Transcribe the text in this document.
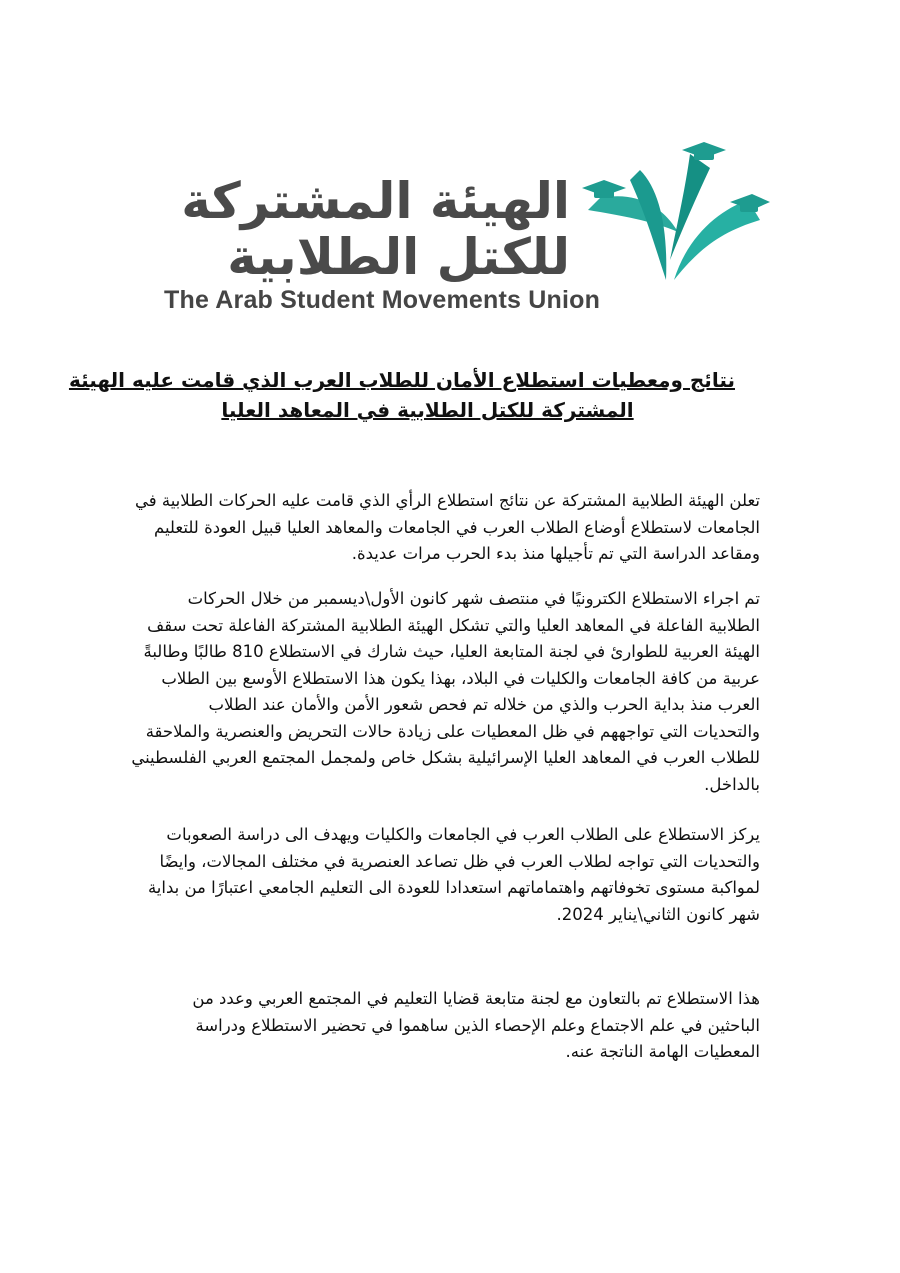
الهيئة المشتركة
للكتل الطلابية
The Arab Student Movements Union
نتائج ومعطيات استطلاع الأمان للطلاب العرب الذي قامت عليه الهيئة
المشتركة للكتل الطلابية في المعاهد العليا
تعلن الهيئة الطلابية المشتركة عن نتائج استطلاع الرأي الذي قامت عليه الحركات الطلابية في
الجامعات لاستطلاع أوضاع الطلاب العرب في الجامعات والمعاهد العليا قبيل العودة للتعليم
ومقاعد الدراسة التي تم تأجيلها منذ بدء الحرب مرات عديدة.
تم اجراء الاستطلاع الكترونيًا في منتصف شهر كانون الأول\ديسمبر من خلال الحركات
الطلابية الفاعلة في المعاهد العليا والتي تشكل الهيئة الطلابية المشتركة الفاعلة تحت سقف
الهيئة العربية للطوارئ في لجنة المتابعة العليا، حيث شارك في الاستطلاع 810 طالبًا وطالبةً
عربية من كافة الجامعات والكليات في البلاد، بهذا يكون هذا الاستطلاع الأوسع بين الطلاب
العرب منذ بداية الحرب والذي من خلاله تم فحص شعور الأمن والأمان عند الطلاب
والتحديات التي تواجههم في ظل المعطيات على زيادة حالات التحريض والعنصرية والملاحقة
للطلاب العرب في المعاهد العليا الإسرائيلية بشكل خاص ولمجمل المجتمع العربي الفلسطيني
بالداخل.
يركز الاستطلاع على الطلاب العرب في الجامعات والكليات ويهدف الى دراسة الصعوبات
والتحديات التي تواجه لطلاب العرب في ظل تصاعد العنصرية في مختلف المجالات، وايضًا
لمواكبة مستوى تخوفاتهم واهتماماتهم استعدادا للعودة الى التعليم الجامعي اعتبارًا من بداية
شهر كانون الثاني\يناير 2024.
هذا الاستطلاع تم بالتعاون مع لجنة متابعة قضايا التعليم في المجتمع العربي وعدد من
الباحثين في علم الاجتماع وعلم الإحصاء الذين ساهموا في تحضير الاستطلاع ودراسة
المعطيات الهامة الناتجة عنه.
